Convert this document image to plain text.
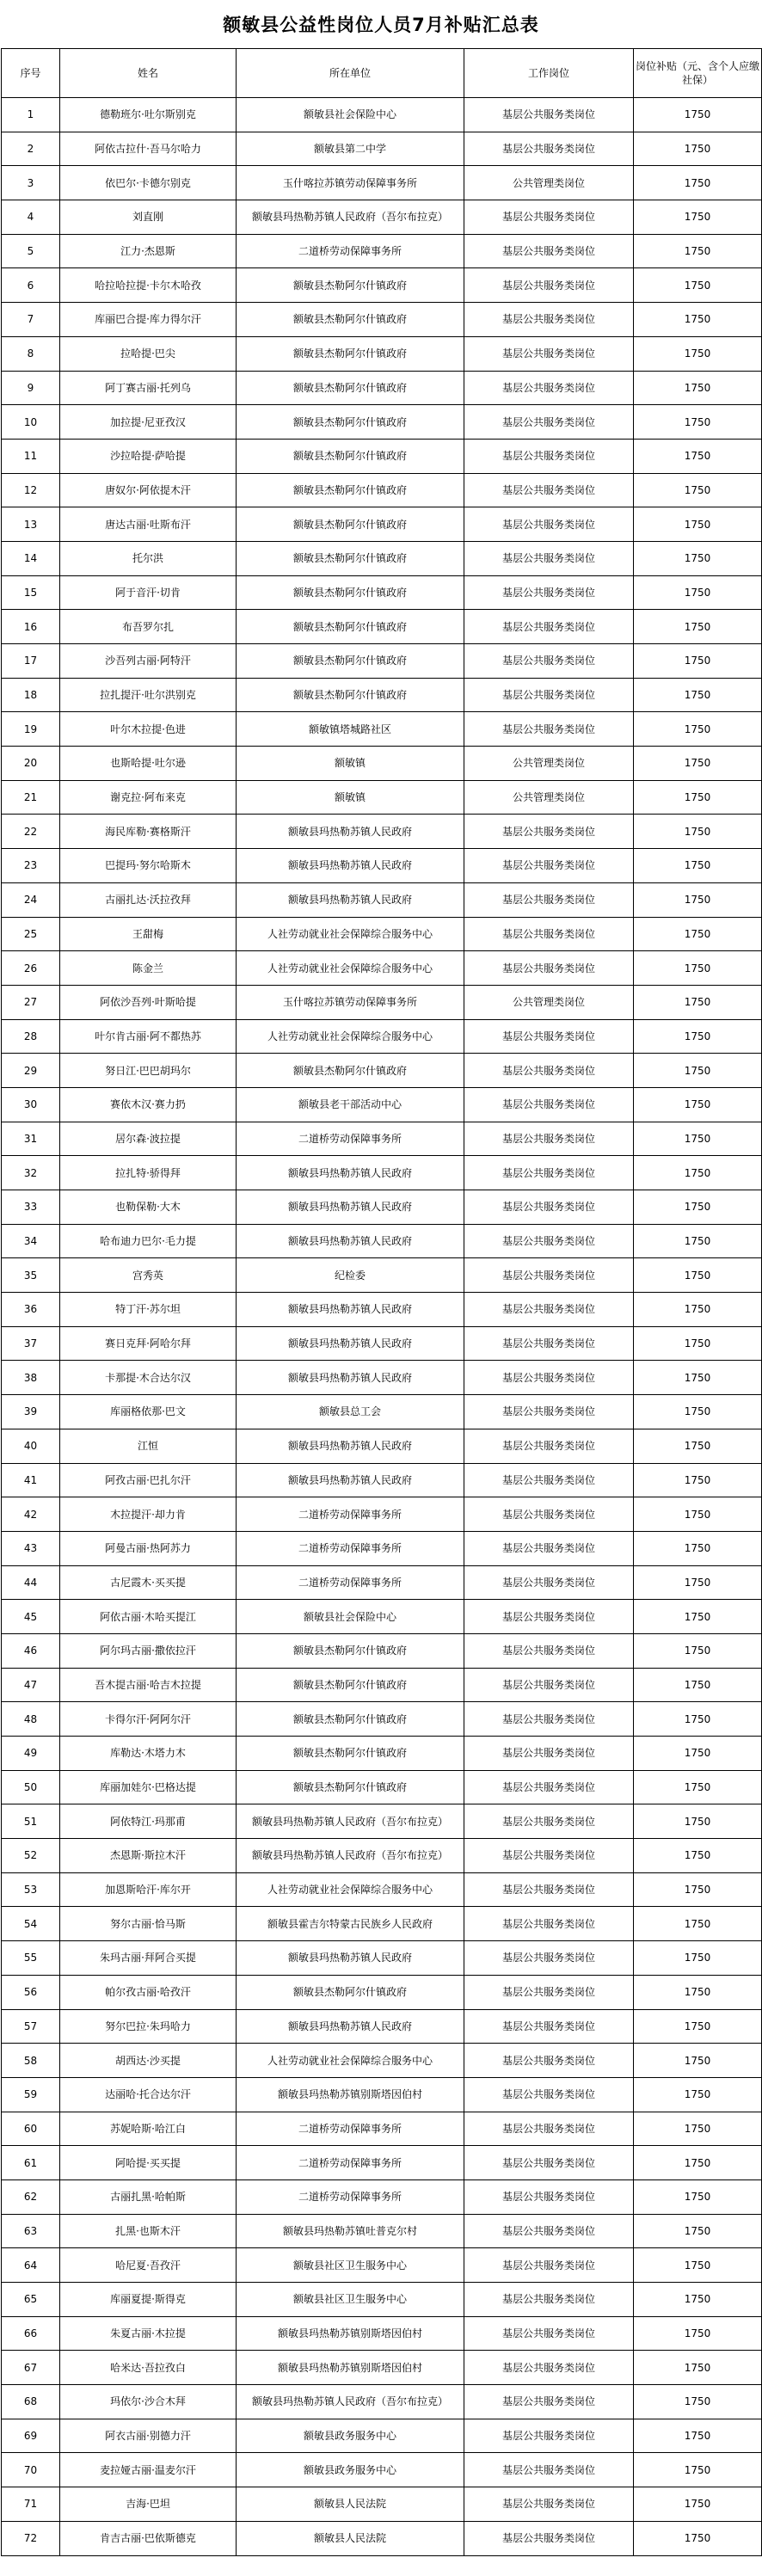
额敏县公益性岗位人员7月补贴汇总表
序号	姓名	所在单位	工作岗位	岗位补贴（元、含个人应缴社保）
1	德勒班尔·吐尔斯别克	额敏县社会保险中心	基层公共服务类岗位	1750
2	阿依古拉什·吾马尔哈力	额敏县第二中学	基层公共服务类岗位	1750
3	依巴尔·卡德尔别克	玉什喀拉苏镇劳动保障事务所	公共管理类岗位	1750
4	刘直刚	额敏县玛热勒苏镇人民政府（吾尔布拉克）	基层公共服务类岗位	1750
5	江力·杰恩斯	二道桥劳动保障事务所	基层公共服务类岗位	1750
6	哈拉哈拉提·卡尔木哈孜	额敏县杰勒阿尔什镇政府	基层公共服务类岗位	1750
7	库丽巴合提·库力得尔汗	额敏县杰勒阿尔什镇政府	基层公共服务类岗位	1750
8	拉哈提·巴尖	额敏县杰勒阿尔什镇政府	基层公共服务类岗位	1750
9	阿丁赛古丽·托列乌	额敏县杰勒阿尔什镇政府	基层公共服务类岗位	1750
10	加拉提·尼亚孜汉	额敏县杰勒阿尔什镇政府	基层公共服务类岗位	1750
11	沙拉哈提·萨哈提	额敏县杰勒阿尔什镇政府	基层公共服务类岗位	1750
12	唐奴尔·阿依提木汗	额敏县杰勒阿尔什镇政府	基层公共服务类岗位	1750
13	唐达古丽·吐斯布汗	额敏县杰勒阿尔什镇政府	基层公共服务类岗位	1750
14	托尔洪	额敏县杰勒阿尔什镇政府	基层公共服务类岗位	1750
15	阿于音汗·切肯	额敏县杰勒阿尔什镇政府	基层公共服务类岗位	1750
16	布吾罗尔扎	额敏县杰勒阿尔什镇政府	基层公共服务类岗位	1750
17	沙吾列古丽·阿特汗	额敏县杰勒阿尔什镇政府	基层公共服务类岗位	1750
18	拉扎提汗·吐尔洪别克	额敏县杰勒阿尔什镇政府	基层公共服务类岗位	1750
19	叶尔木拉提·色进	额敏镇塔城路社区	基层公共服务类岗位	1750
20	也斯哈提·吐尔逊	额敏镇	公共管理类岗位	1750
21	谢克拉·阿布来克	额敏镇	公共管理类岗位	1750
22	海民库勒·赛格斯汗	额敏县玛热勒苏镇人民政府	基层公共服务类岗位	1750
23	巴提玛·努尔哈斯木	额敏县玛热勒苏镇人民政府	基层公共服务类岗位	1750
24	古丽扎达·沃拉孜拜	额敏县玛热勒苏镇人民政府	基层公共服务类岗位	1750
25	王甜梅	人社劳动就业社会保障综合服务中心	基层公共服务类岗位	1750
26	陈金兰	人社劳动就业社会保障综合服务中心	基层公共服务类岗位	1750
27	阿依沙吾列·叶斯哈提	玉什喀拉苏镇劳动保障事务所	公共管理类岗位	1750
28	叶尔肯古丽·阿不都热苏	人社劳动就业社会保障综合服务中心	基层公共服务类岗位	1750
29	努日江·巴巴胡玛尔	额敏县杰勒阿尔什镇政府	基层公共服务类岗位	1750
30	赛依木汉·赛力扔	额敏县老干部活动中心	基层公共服务类岗位	1750
31	居尔森·波拉提	二道桥劳动保障事务所	基层公共服务类岗位	1750
32	拉扎特·骄得拜	额敏县玛热勒苏镇人民政府	基层公共服务类岗位	1750
33	也勒保勒·大木	额敏县玛热勒苏镇人民政府	基层公共服务类岗位	1750
34	哈布迪力巴尔·毛力提	额敏县玛热勒苏镇人民政府	基层公共服务类岗位	1750
35	宫秀英	纪检委	基层公共服务类岗位	1750
36	特丁汗·苏尔坦	额敏县玛热勒苏镇人民政府	基层公共服务类岗位	1750
37	赛日克拜·阿哈尔拜	额敏县玛热勒苏镇人民政府	基层公共服务类岗位	1750
38	卡那提·木合达尔汉	额敏县玛热勒苏镇人民政府	基层公共服务类岗位	1750
39	库丽格依那·巴文	额敏县总工会	基层公共服务类岗位	1750
40	江恒	额敏县玛热勒苏镇人民政府	基层公共服务类岗位	1750
41	阿孜古丽·巴扎尔汗	额敏县玛热勒苏镇人民政府	基层公共服务类岗位	1750
42	木拉提汗·却力肯	二道桥劳动保障事务所	基层公共服务类岗位	1750
43	阿曼古丽·热阿苏力	二道桥劳动保障事务所	基层公共服务类岗位	1750
44	古尼霞木·买买提	二道桥劳动保障事务所	基层公共服务类岗位	1750
45	阿依古丽·木哈买提江	额敏县社会保险中心	基层公共服务类岗位	1750
46	阿尔玛古丽·撒依拉汗	额敏县杰勒阿尔什镇政府	基层公共服务类岗位	1750
47	吾木提古丽·哈吉木拉提	额敏县杰勒阿尔什镇政府	基层公共服务类岗位	1750
48	卡得尔汗·阿阿尔汗	额敏县杰勒阿尔什镇政府	基层公共服务类岗位	1750
49	库勒达·木塔力木	额敏县杰勒阿尔什镇政府	基层公共服务类岗位	1750
50	库丽加娃尔·巴格达提	额敏县杰勒阿尔什镇政府	基层公共服务类岗位	1750
51	阿依特江·玛那甫	额敏县玛热勒苏镇人民政府（吾尔布拉克）	基层公共服务类岗位	1750
52	杰恩斯·斯拉木汗	额敏县玛热勒苏镇人民政府（吾尔布拉克）	基层公共服务类岗位	1750
53	加恩斯哈汗·库尔开	人社劳动就业社会保障综合服务中心	基层公共服务类岗位	1750
54	努尔古丽·恰马斯	额敏县霍吉尔特蒙古民族乡人民政府	基层公共服务类岗位	1750
55	朱玛古丽·拜阿合买提	额敏县玛热勒苏镇人民政府	基层公共服务类岗位	1750
56	帕尔孜古丽·哈孜汗	额敏县杰勒阿尔什镇政府	基层公共服务类岗位	1750
57	努尔巴拉·朱玛哈力	额敏县玛热勒苏镇人民政府	基层公共服务类岗位	1750
58	胡西达·沙买提	人社劳动就业社会保障综合服务中心	基层公共服务类岗位	1750
59	达丽哈·托合达尔汗	额敏县玛热勒苏镇别斯塔因伯村	基层公共服务类岗位	1750
60	苏妮哈斯·哈江白	二道桥劳动保障事务所	基层公共服务类岗位	1750
61	阿哈提·买买提	二道桥劳动保障事务所	基层公共服务类岗位	1750
62	古丽扎黑·哈帕斯	二道桥劳动保障事务所	基层公共服务类岗位	1750
63	扎黑·也斯木汗	额敏县玛热勒苏镇吐普克尔村	基层公共服务类岗位	1750
64	哈尼夏·吾孜汗	额敏县社区卫生服务中心	基层公共服务类岗位	1750
65	库丽夏提·斯得克	额敏县社区卫生服务中心	基层公共服务类岗位	1750
66	朱夏古丽·木拉提	额敏县玛热勒苏镇别斯塔因伯村	基层公共服务类岗位	1750
67	哈米达·吾拉孜白	额敏县玛热勒苏镇别斯塔因伯村	基层公共服务类岗位	1750
68	玛依尔·沙合木拜	额敏县玛热勒苏镇人民政府（吾尔布拉克）	基层公共服务类岗位	1750
69	阿衣古丽·别德力汗	额敏县政务服务中心	基层公共服务类岗位	1750
70	麦拉娅古丽·温麦尔汗	额敏县政务服务中心	基层公共服务类岗位	1750
71	吉海·巴坦	额敏县人民法院	基层公共服务类岗位	1750
72	肯吉古丽·巴依斯德克	额敏县人民法院	基层公共服务类岗位	1750
